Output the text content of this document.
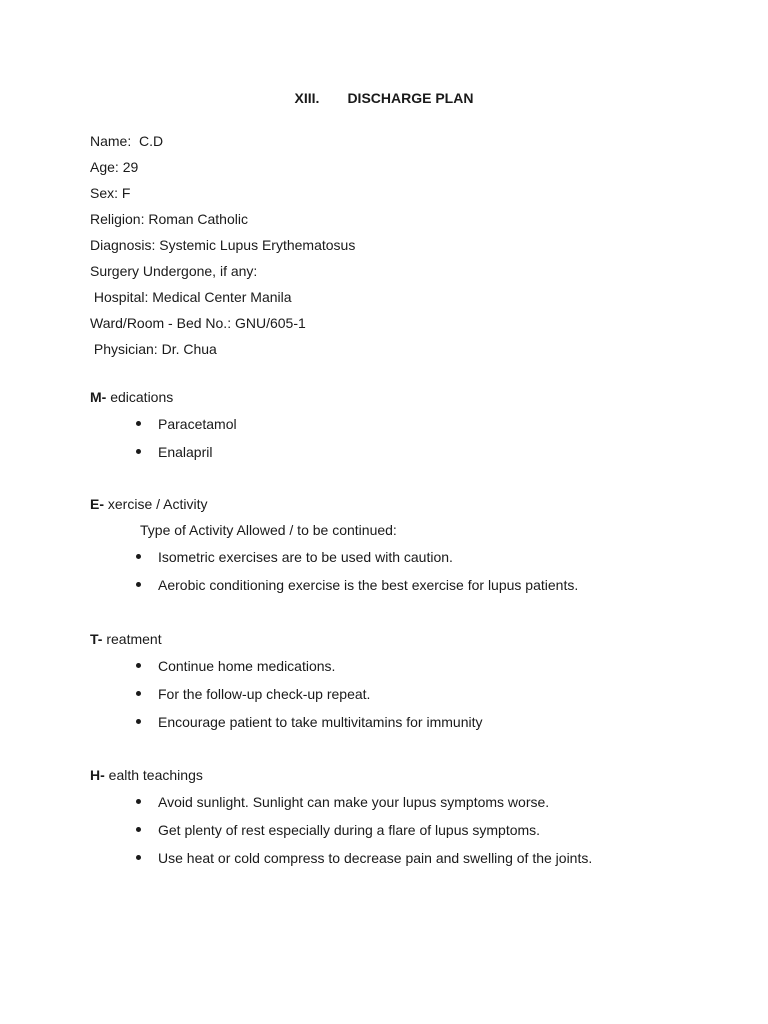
XIII. DISCHARGE PLAN
Name:  C.D
Age: 29
Sex: F
Religion: Roman Catholic
Diagnosis: Systemic Lupus Erythematosus
Surgery Undergone, if any:
Hospital: Medical Center Manila
Ward/Room - Bed No.: GNU/605-1
Physician: Dr. Chua
M- edications
Paracetamol
Enalapril
E- xercise / Activity
Type of Activity Allowed / to be continued:
Isometric exercises are to be used with caution.
Aerobic conditioning exercise is the best exercise for lupus patients.
T- reatment
Continue home medications.
For the follow-up check-up repeat.
Encourage patient to take multivitamins for immunity
H- ealth teachings
Avoid sunlight. Sunlight can make your lupus symptoms worse.
Get plenty of rest especially during a flare of lupus symptoms.
Use heat or cold compress to decrease pain and swelling of the joints.
